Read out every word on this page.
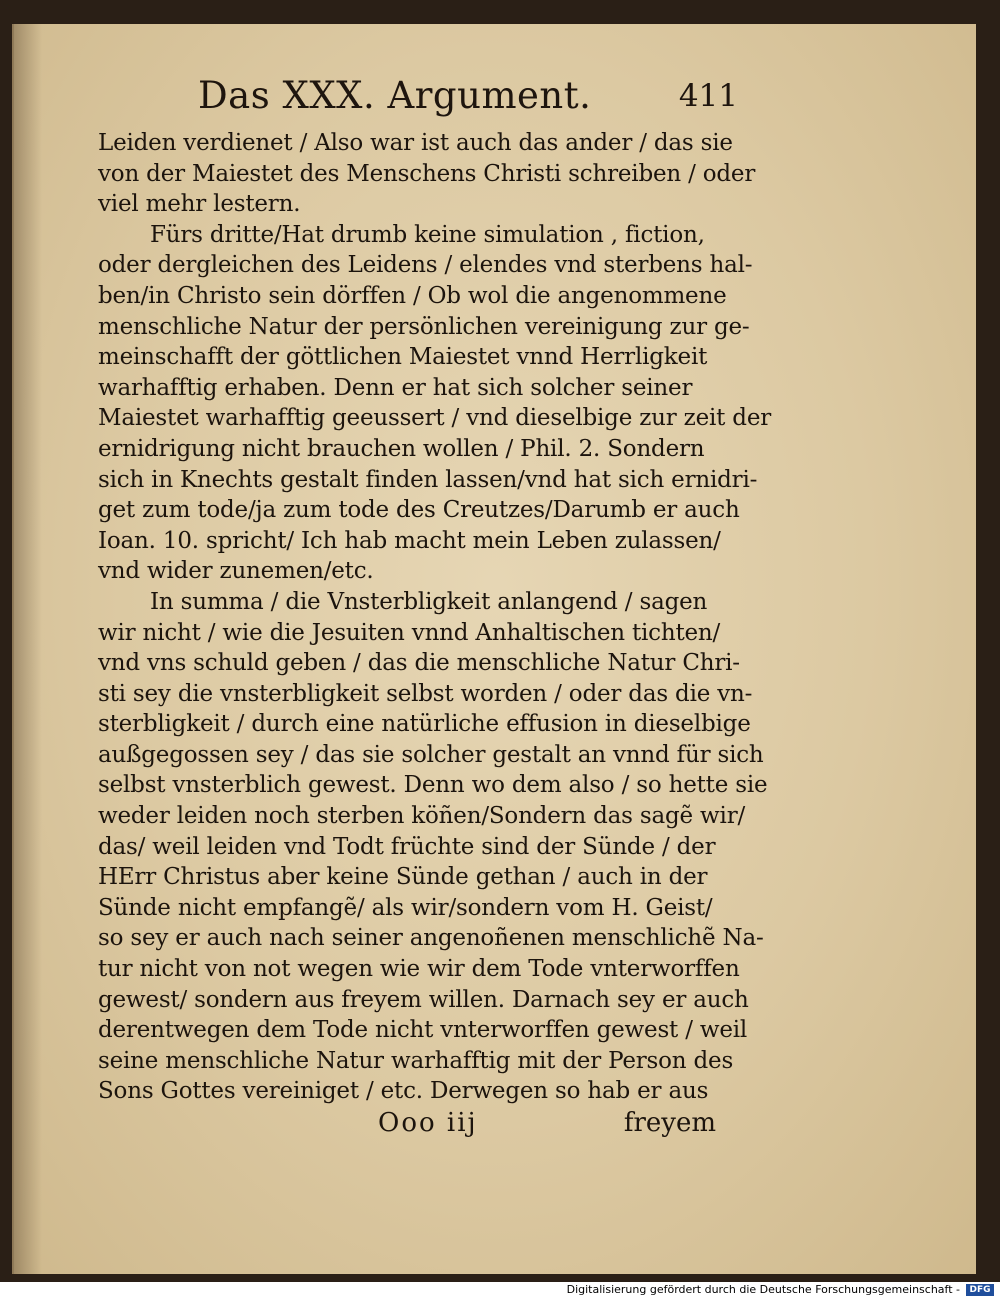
Das XXX. Argument.	411
Leiden verdienet / Also war ist auch das ander / das sie
von der Maiestet des Menschens Christi schreiben / oder
viel mehr lestern.
Fürs dritte/Hat drumb keine simulation , fiction,
oder dergleichen des Leidens / elendes vnd sterbens hal-
ben/in Christo sein dörffen / Ob wol die angenommene
menschliche Natur der persönlichen vereinigung zur ge-
meinschafft der göttlichen Maiestet vnnd Herrligkeit
warhafftig erhaben. Denn er hat sich solcher seiner
Maiestet warhafftig geeussert / vnd dieselbige zur zeit der
ernidrigung nicht brauchen wollen / Phil. 2. Sondern
sich in Knechts gestalt finden lassen/vnd hat sich ernidri-
get zum tode/ja zum tode des Creutzes/Darumb er auch
Ioan. 10. spricht/ Ich hab macht mein Leben zulassen/
vnd wider zunemen/etc.
In summa / die Vnsterbligkeit anlangend / sagen
wir nicht / wie die Jesuiten vnnd Anhaltischen tichten/
vnd vns schuld geben / das die menschliche Natur Chri-
sti sey die vnsterbligkeit selbst worden / oder das die vn-
sterbligkeit / durch eine natürliche effusion in dieselbige
außgegossen sey / das sie solcher gestalt an vnnd für sich
selbst vnsterblich gewest. Denn wo dem also / so hette sie
weder leiden noch sterben köñen/Sondern das sagẽ wir/
das/ weil leiden vnd Todt früchte sind der Sünde / der
HErr Christus aber keine Sünde gethan / auch in der
Sünde nicht empfangẽ/ als wir/sondern vom H. Geist/
so sey er auch nach seiner angenoñenen menschlichẽ Na-
tur nicht von not wegen wie wir dem Tode vnterworffen
gewest/ sondern aus freyem willen. Darnach sey er auch
derentwegen dem Tode nicht vnterworffen gewest / weil
seine menschliche Natur warhafftig mit der Person des
Sons Gottes vereiniget / etc. Derwegen so hab er aus
Ooo iij	freyem
Digitalisierung gefördert durch die Deutsche Forschungsgemeinschaft -	DFG
